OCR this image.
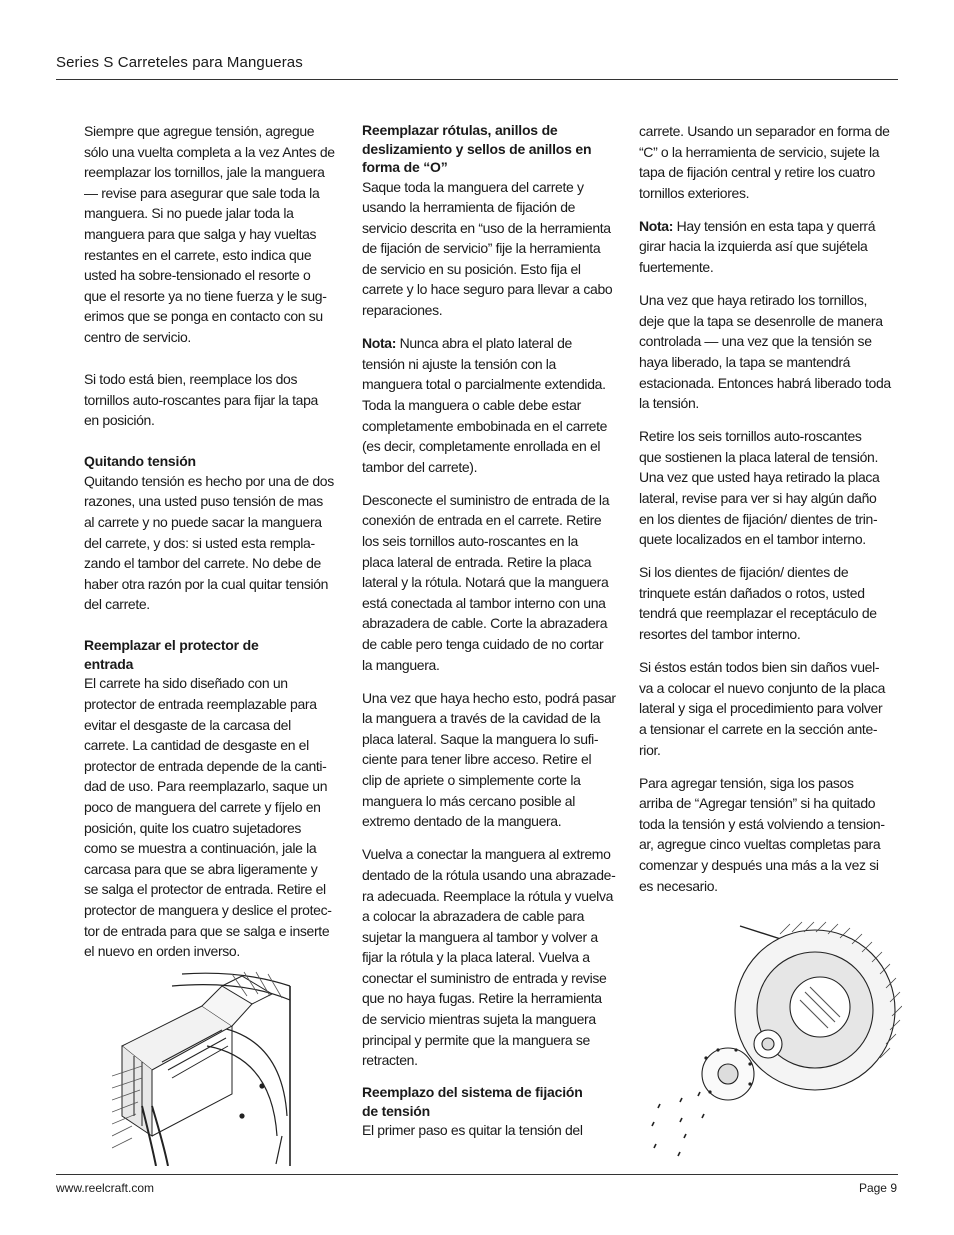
Series S Carreteles para Mangueras

Siempre que agregue tensión, agregue
sólo una vuelta completa a la vez Antes de
reemplazar los tornillos, jale la manguera
— revise para asegurar que sale toda la
manguera. Si no puede jalar toda la
manguera para que salga y hay vueltas
restantes en el carrete, esto indica que
usted ha sobre-tensionado el resorte o
que el resorte ya no tiene fuerza y le sug-
erimos que se ponga en contacto con su
centro de servicio.

Si todo está bien, reemplace los dos
tornillos auto-roscantes para fijar la tapa
en posición.

Quitando tensión

Quitando tensión es hecho por una de dos
razones, una usted puso tensión de mas
al carrete y no puede sacar la manguera
del carrete, y dos: si usted esta rempla-
zando el tambor del carrete. No debe de
haber otra razón por la cual quitar tensión
del carrete.

Reemplazar el protector de
entrada

El carrete ha sido diseñado con un
protector de entrada reemplazable para
evitar el desgaste de la carcasa del
carrete. La cantidad de desgaste en el
protector de entrada depende de la canti-
dad de uso. Para reemplazarlo, saque un
poco de manguera del carrete y fíjelo en
posición, quite los cuatro sujetadores
como se muestra a continuación, jale la
carcasa para que se abra ligeramente y
se salga el protector de entrada. Retire el
protector de manguera y deslice el protec-
tor de entrada para que se salga e inserte
el nuevo en orden inverso.

Reemplazar rótulas, anillos de
deslizamiento y sellos de anillos en
forma de “O”

Saque toda la manguera del carrete y
usando la herramienta de fijación de
servicio descrita en “uso de la herramienta
de fijación de servicio” fije la herramienta
de servicio en su posición. Esto fija el
carrete y lo hace seguro para llevar a cabo
reparaciones.

Nota: Nunca abra el plato lateral de
tensión ni ajuste la tensión con la
manguera total o parcialmente extendida.
Toda la manguera o cable debe estar
completamente embobinada en el carrete
(es decir, completamente enrollada en el
tambor del carrete).

Desconecte el suministro de entrada de la
conexión de entrada en el carrete. Retire
los seis tornillos auto-roscantes en la
placa lateral de entrada. Retire la placa
lateral y la rótula. Notará que la manguera
está conectada al tambor interno con una
abrazadera de cable. Corte la abrazadera
de cable pero tenga cuidado de no cortar
la manguera.

Una vez que haya hecho esto, podrá pasar
la manguera a través de la cavidad de la
placa lateral. Saque la manguera lo sufi-
ciente para tener libre acceso. Retire el
clip de apriete o simplemente corte la
manguera lo más cercano posible al
extremo dentado de la manguera.

Vuelva a conectar la manguera al extremo
dentado de la rótula usando una abrazade-
ra adecuada. Reemplace la rótula y vuelva
a colocar la abrazadera de cable para
sujetar la manguera al tambor y volver a
fijar la rótula y la placa lateral. Vuelva a
conectar el suministro de entrada y revise
que no haya fugas. Retire la herramienta
de servicio mientras sujeta la manguera
principal y permite que la manguera se
retracten.

Reemplazo del sistema de fijación
de tensión

El primer paso es quitar la tensión del

carrete. Usando un separador en forma de
“C” o la herramienta de servicio, sujete la
tapa de fijación central y retire los cuatro
tornillos exteriores.

Nota: Hay tensión en esta tapa y querrá
girar hacia la izquierda así que sujétela
fuertemente.

Una vez que haya retirado los tornillos,
deje que la tapa se desenrolle de manera
controlada — una vez que la tensión se
haya liberado, la tapa se mantendrá
estacionada. Entonces habrá liberado toda
la tensión.

Retire los seis tornillos auto-roscantes
que sostienen la placa lateral de tensión.
Una vez que usted haya retirado la placa
lateral, revise para ver si hay algún daño
en los dientes de fijación/ dientes de trin-
quete localizados en el tambor interno.

Si los dientes de fijación/ dientes de
trinquete están dañados o rotos, usted
tendrá que reemplazar el receptáculo de
resortes del tambor interno.

Si éstos están todos bien sin daños vuel-
va a colocar el nuevo conjunto de la placa
lateral y siga el procedimiento para volver
a tensionar el carrete en la sección ante-
rior.

Para agregar tensión, siga los pasos
arriba de “Agregar tensión” si ha quitado
toda la tensión y está volviendo a tension-
ar, agregue cinco vueltas completas para
comenzar y después una más a la vez si
es necesario.

www.reelcraft.com	Page 9
